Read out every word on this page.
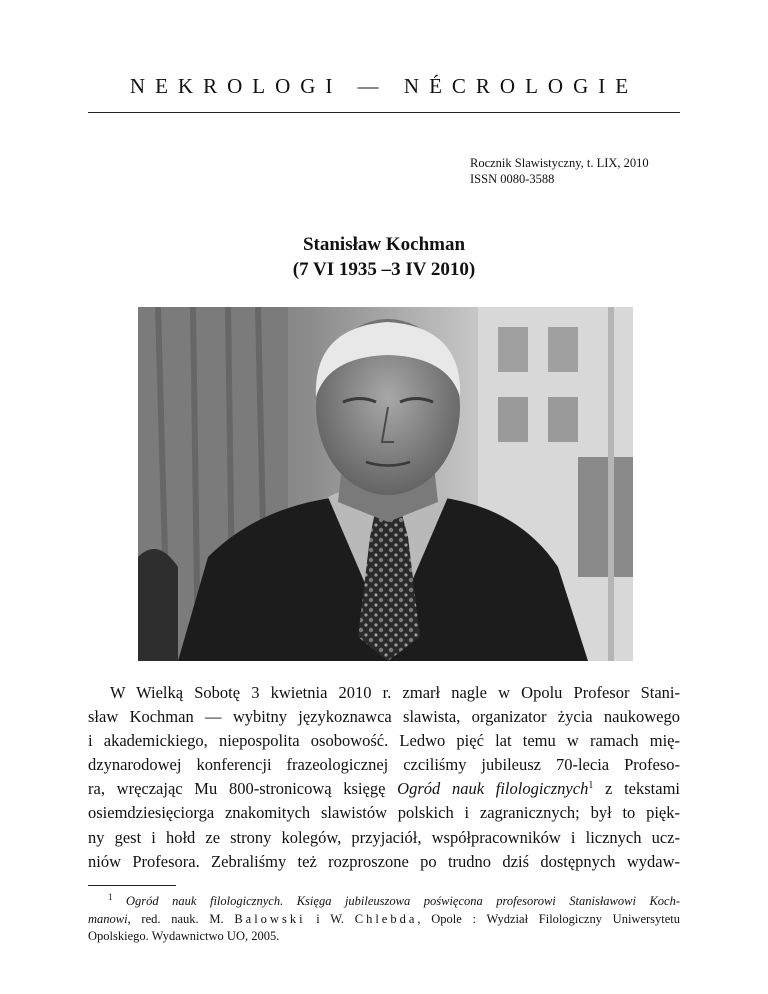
NEKROLOGI — NÉCROLOGIE
Rocznik Slawistyczny, t. LIX, 2010
ISSN 0080-3588
Stanisław Kochman
(7 VI 1935 –3 IV 2010)
W Wielką Sobotę 3 kwietnia 2010 r. zmarł nagle w Opolu Profesor Stani-
sław Kochman — wybitny językoznawca slawista, organizator życia naukowego
i akademickiego, niepospolita osobowość. Ledwo pięć lat temu w ramach mię-
dzynarodowej konferencji frazeologicznej czciliśmy jubileusz 70-lecia Profeso-
ra, wręczając Mu 800-stronicową księgę Ogród nauk filologicznych$^1$ z tekstami
osiemdziesięciorga znakomitych slawistów polskich i zagranicznych; był to pięk-
ny gest i hołd ze strony kolegów, przyjaciół, współpracowników i licznych ucz-
niów Profesora. Zebraliśmy też rozproszone po trudno dziś dostępnych wydaw-
$^1$ Ogród nauk filologicznych. Księga jubileuszowa poświęcona profesorowi Stanisławowi Koch-
manowi, red. nauk. M. Balowski i W. Chlebda, Opole : Wydział Filologiczny Uniwersytetu
Opolskiego. Wydawnictwo UO, 2005.
